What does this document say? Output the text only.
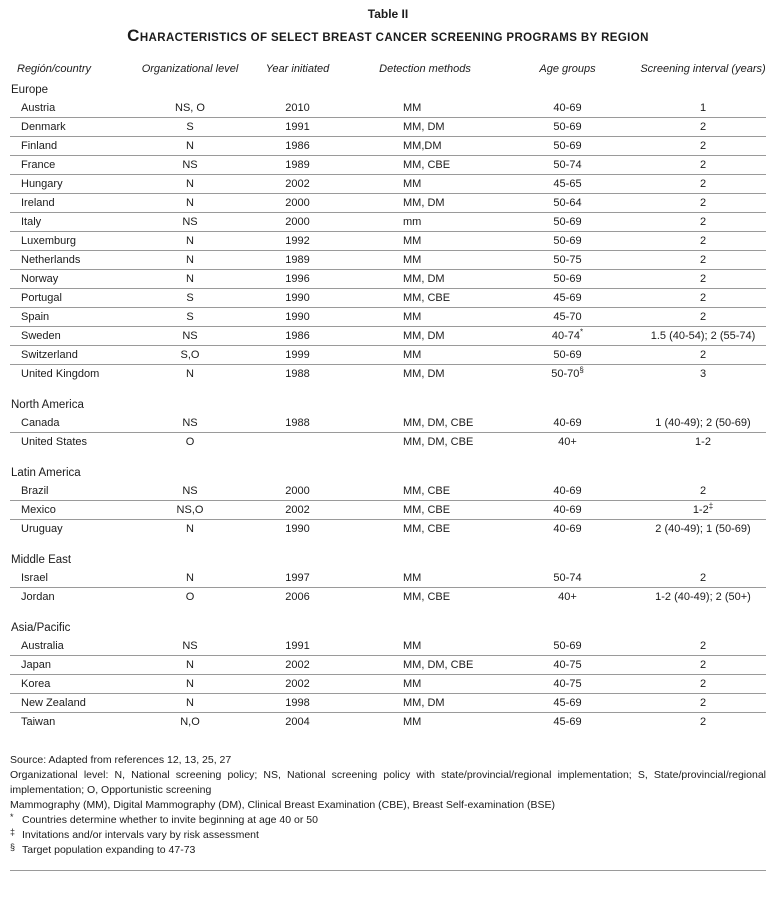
Table II
CHARACTERISTICS OF SELECT BREAST CANCER SCREENING PROGRAMS BY REGION
Región/country	Organizational level	Year initiated	Detection methods	Age groups	Screening interval (years)
Europe					
Austria	NS, O	2010	MM	40-69	1
Denmark	S	1991	MM, DM	50-69	2
Finland	N	1986	MM,DM	50-69	2
France	NS	1989	MM, CBE	50-74	2
Hungary	N	2002	MM	45-65	2
Ireland	N	2000	MM, DM	50-64	2
Italy	NS	2000	mm	50-69	2
Luxemburg	N	1992	MM	50-69	2
Netherlands	N	1989	MM	50-75	2
Norway	N	1996	MM, DM	50-69	2
Portugal	S	1990	MM, CBE	45-69	2
Spain	S	1990	MM	45-70	2
Sweden	NS	1986	MM, DM	40-74*	1.5 (40-54); 2 (55-74)
Switzerland	S,O	1999	MM	50-69	2
United Kingdom	N	1988	MM, DM	50-70§	3
North America					
Canada	NS	1988	MM, DM, CBE	40-69	1 (40-49); 2 (50-69)
United States	O		MM, DM, CBE	40+	1-2
Latin America					
Brazil	NS	2000	MM, CBE	40-69	2
Mexico	NS,O	2002	MM, CBE	40-69	1-2‡
Uruguay	N	1990	MM, CBE	40-69	2 (40-49); 1 (50-69)
Middle East					
Israel	N	1997	MM	50-74	2
Jordan	O	2006	MM, CBE	40+	1-2 (40-49); 2 (50+)
Asia/Pacific					
Australia	NS	1991	MM	50-69	2
Japan	N	2002	MM, DM, CBE	40-75	2
Korea	N	2002	MM	40-75	2
New Zealand	N	1998	MM, DM	45-69	2
Taiwan	N,O	2004	MM	45-69	2
Source: Adapted from references 12, 13, 25, 27
Organizational level: N, National screening policy; NS, National screening policy with state/provincial/regional implementation; S, State/provincial/regional implementation; O, Opportunistic screening
Mammography (MM), Digital Mammography (DM), Clinical Breast Examination (CBE), Breast Self-examination (BSE)
* Countries determine whether to invite beginning at age 40 or 50
‡ Invitations and/or intervals vary by risk assessment
§ Target population expanding to 47-73
